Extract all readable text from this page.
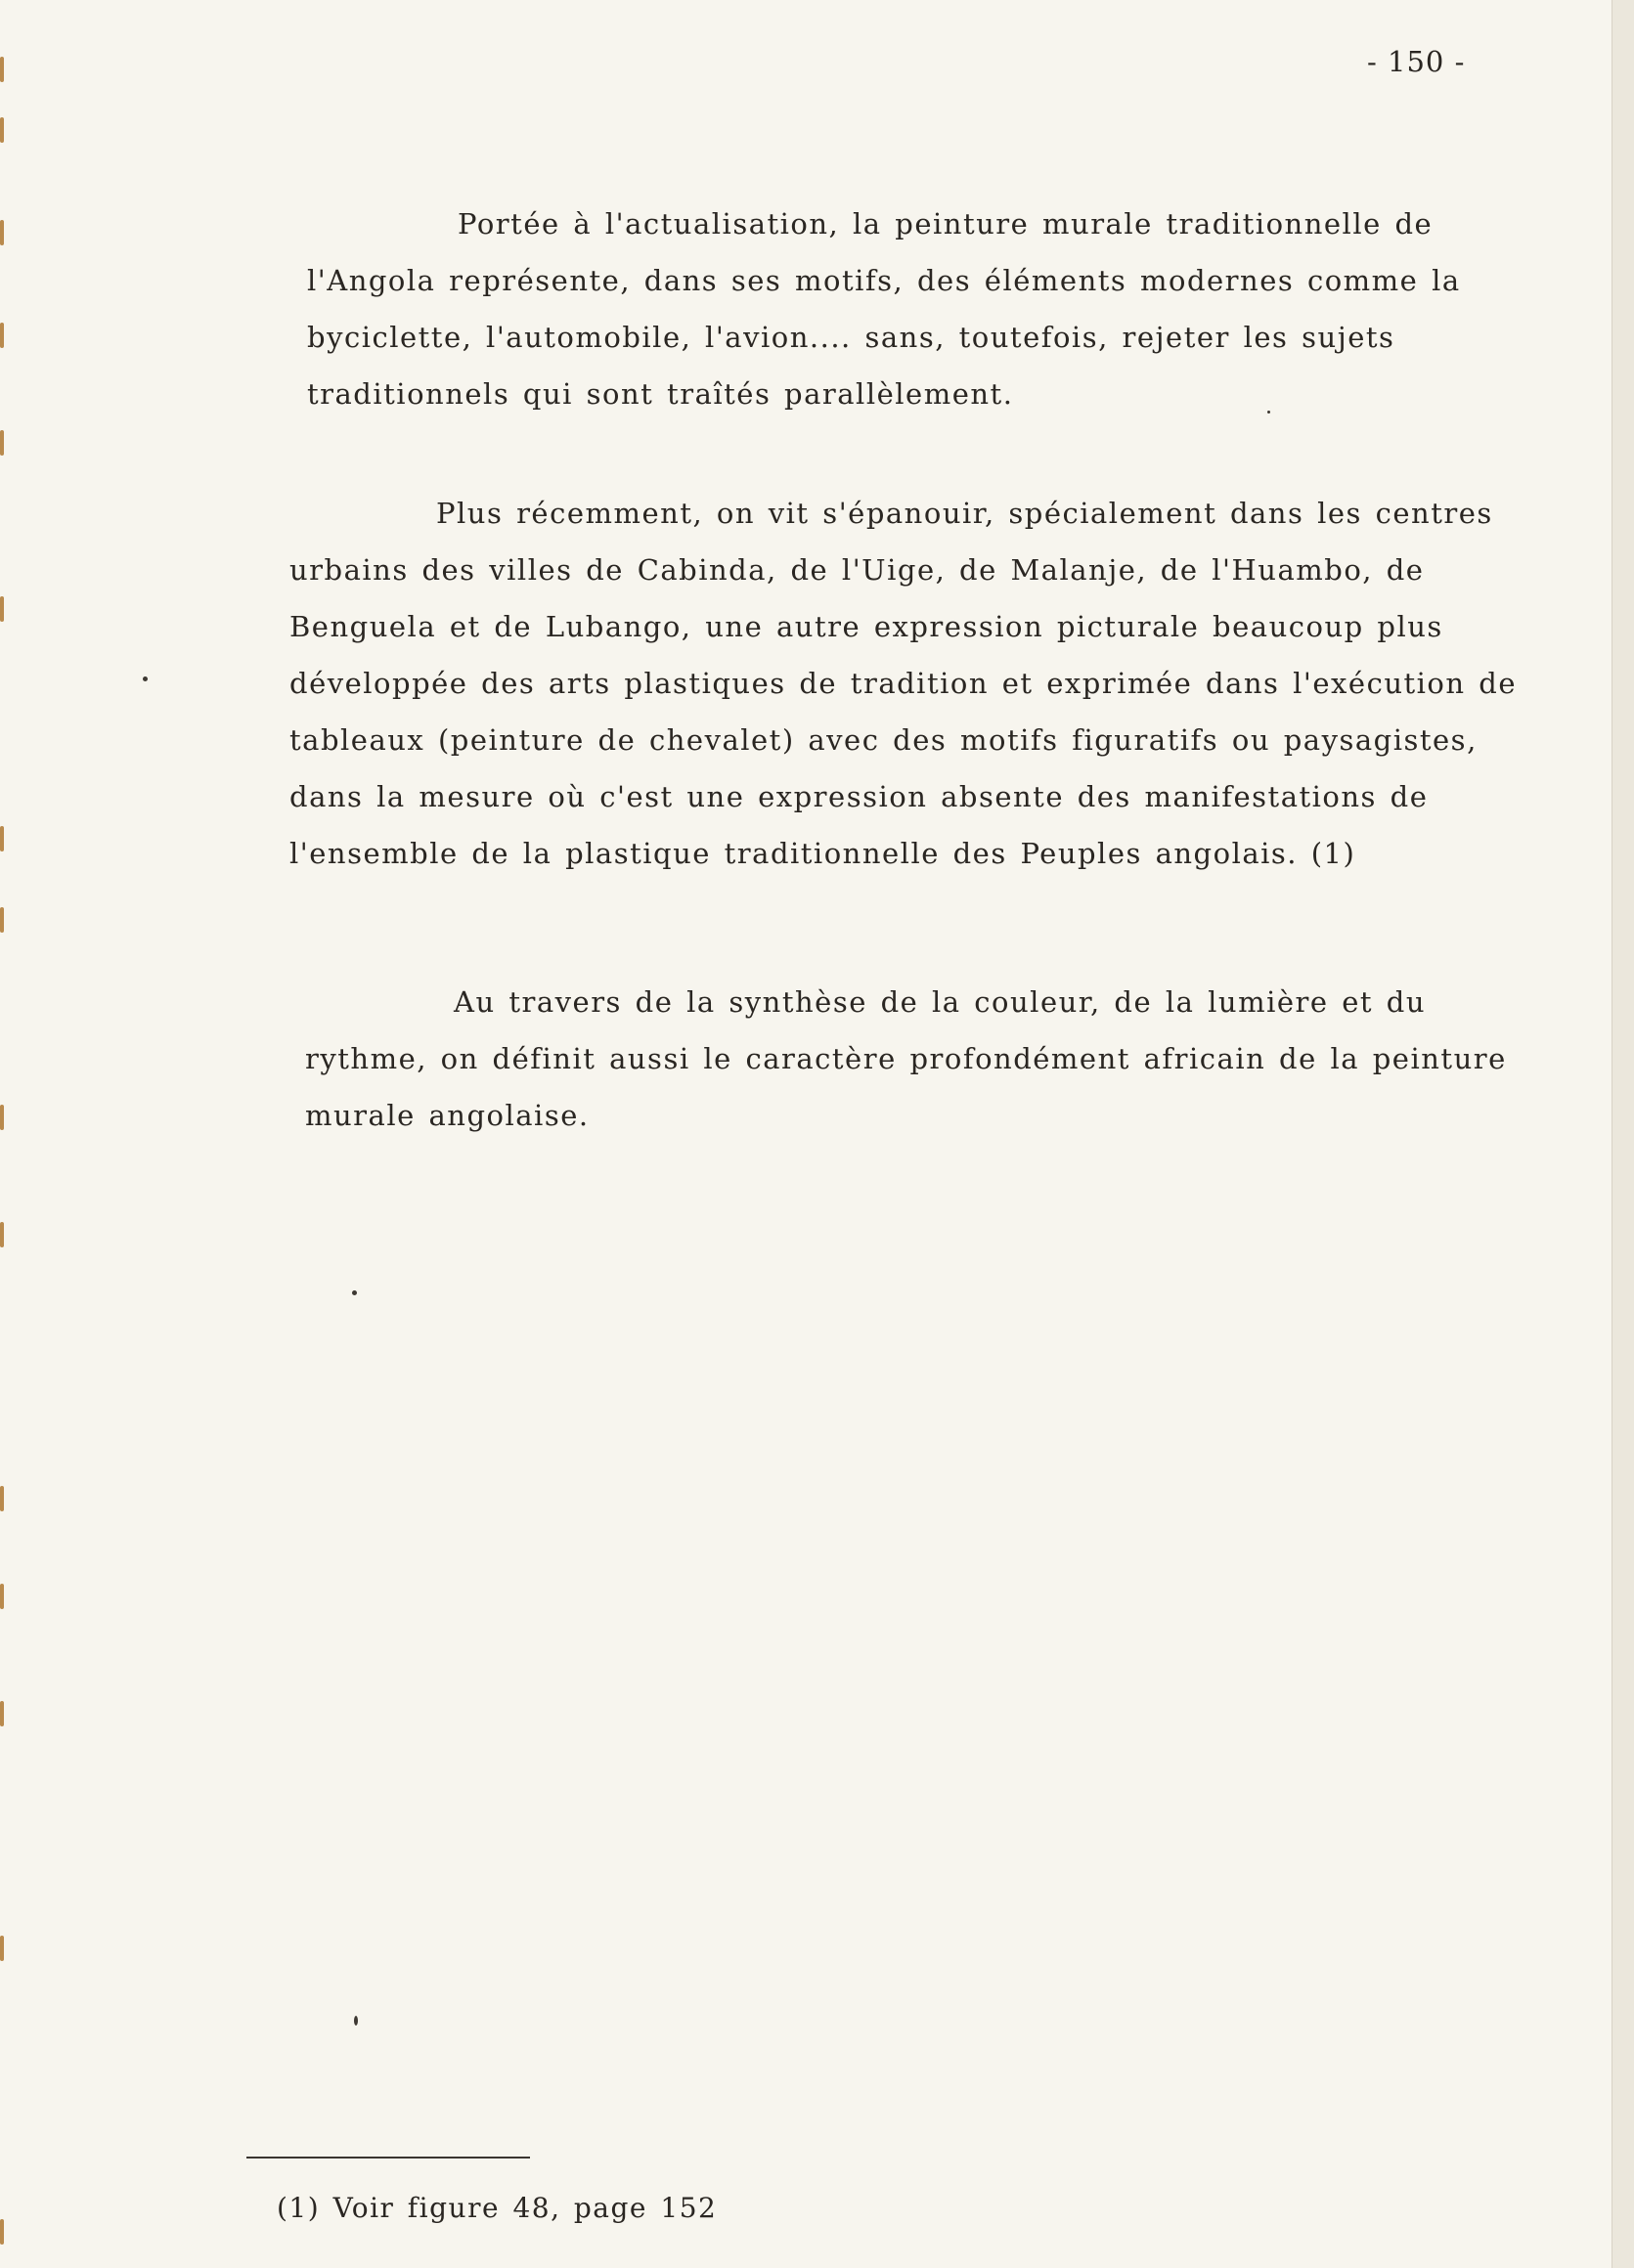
- 150 -
Portée à l'actualisation, la peinture murale traditionnelle de
l'Angola représente, dans ses motifs, des éléments modernes comme la
byciclette, l'automobile, l'avion.... sans, toutefois, rejeter les sujets
traditionnels qui sont traîtés parallèlement.
Plus récemment, on vit s'épanouir, spécialement dans les centres
urbains des villes de Cabinda, de l'Uige, de Malanje, de l'Huambo, de
Benguela et de Lubango, une autre expression picturale beaucoup plus
développée des arts plastiques de tradition et exprimée dans l'exécution de
tableaux (peinture de chevalet) avec des motifs figuratifs ou paysagistes,
dans la mesure où c'est une expression absente des manifestations de
l'ensemble de la plastique traditionnelle des Peuples angolais. (1)
Au travers de la synthèse de la couleur, de la lumière et du
rythme, on définit aussi le caractère profondément africain de la peinture
murale angolaise.
(1) Voir figure 48, page 152
